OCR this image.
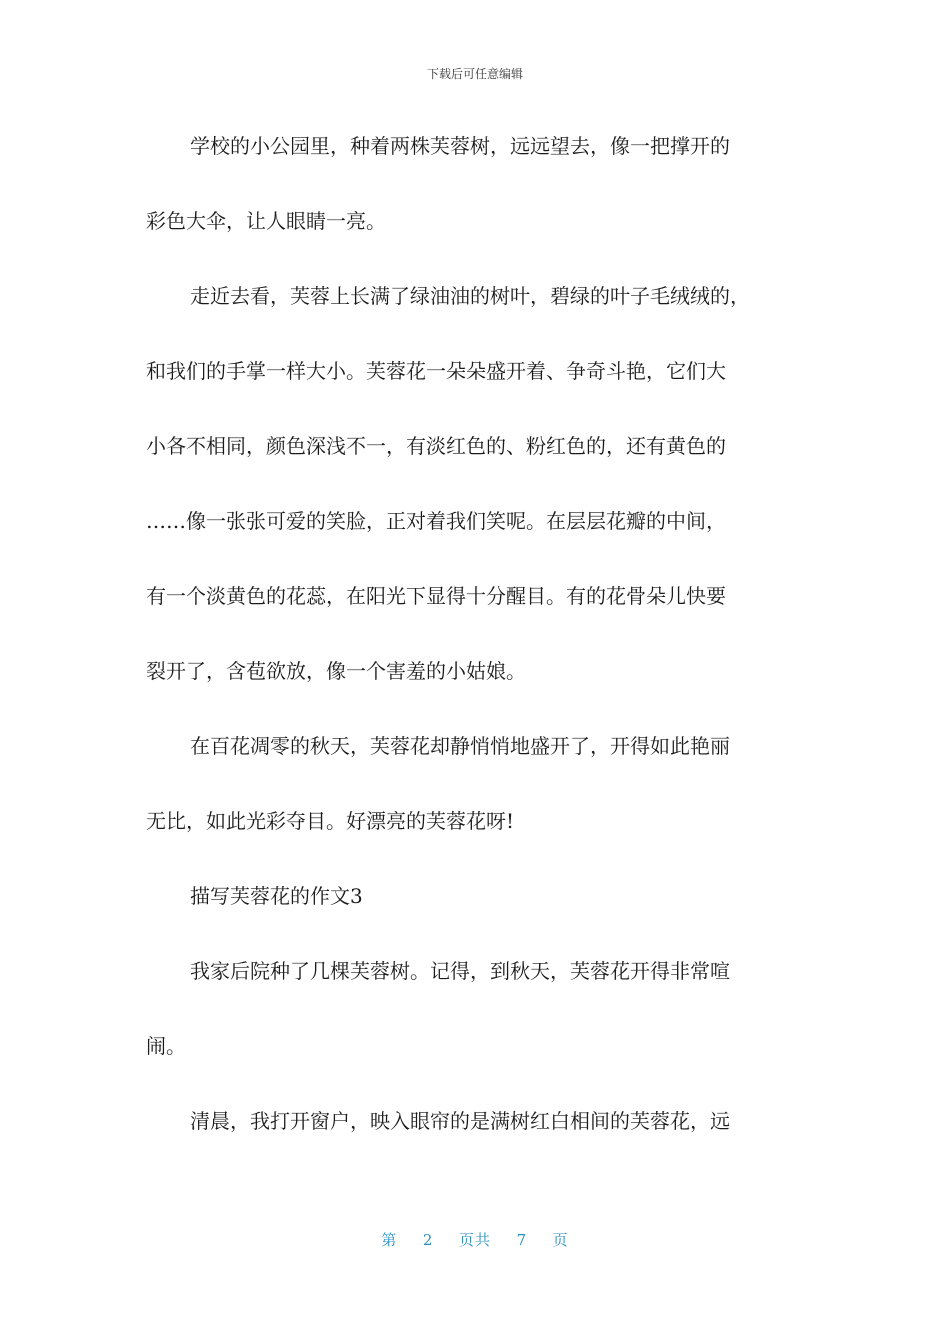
下载后可任意编辑
学校的小公园里，种着两株芙蓉树，远远望去，像一把撑开的
彩色大伞，让人眼睛一亮。
走近去看，芙蓉上长满了绿油油的树叶，碧绿的叶子毛绒绒的，
和我们的手掌一样大小。芙蓉花一朵朵盛开着、争奇斗艳，它们大
小各不相同，颜色深浅不一，有淡红色的、粉红色的，还有黄色的
……像一张张可爱的笑脸，正对着我们笑呢。在层层花瓣的中间，
有一个淡黄色的花蕊，在阳光下显得十分醒目。有的花骨朵儿快要
裂开了，含苞欲放，像一个害羞的小姑娘。
在百花凋零的秋天，芙蓉花却静悄悄地盛开了，开得如此艳丽
无比，如此光彩夺目。好漂亮的芙蓉花呀!
描写芙蓉花的作文3
我家后院种了几棵芙蓉树。记得，到秋天，芙蓉花开得非常喧
闹。
清晨，我打开窗户，映入眼帘的是满树红白相间的芙蓉花，远
第 2 页共 7 页
